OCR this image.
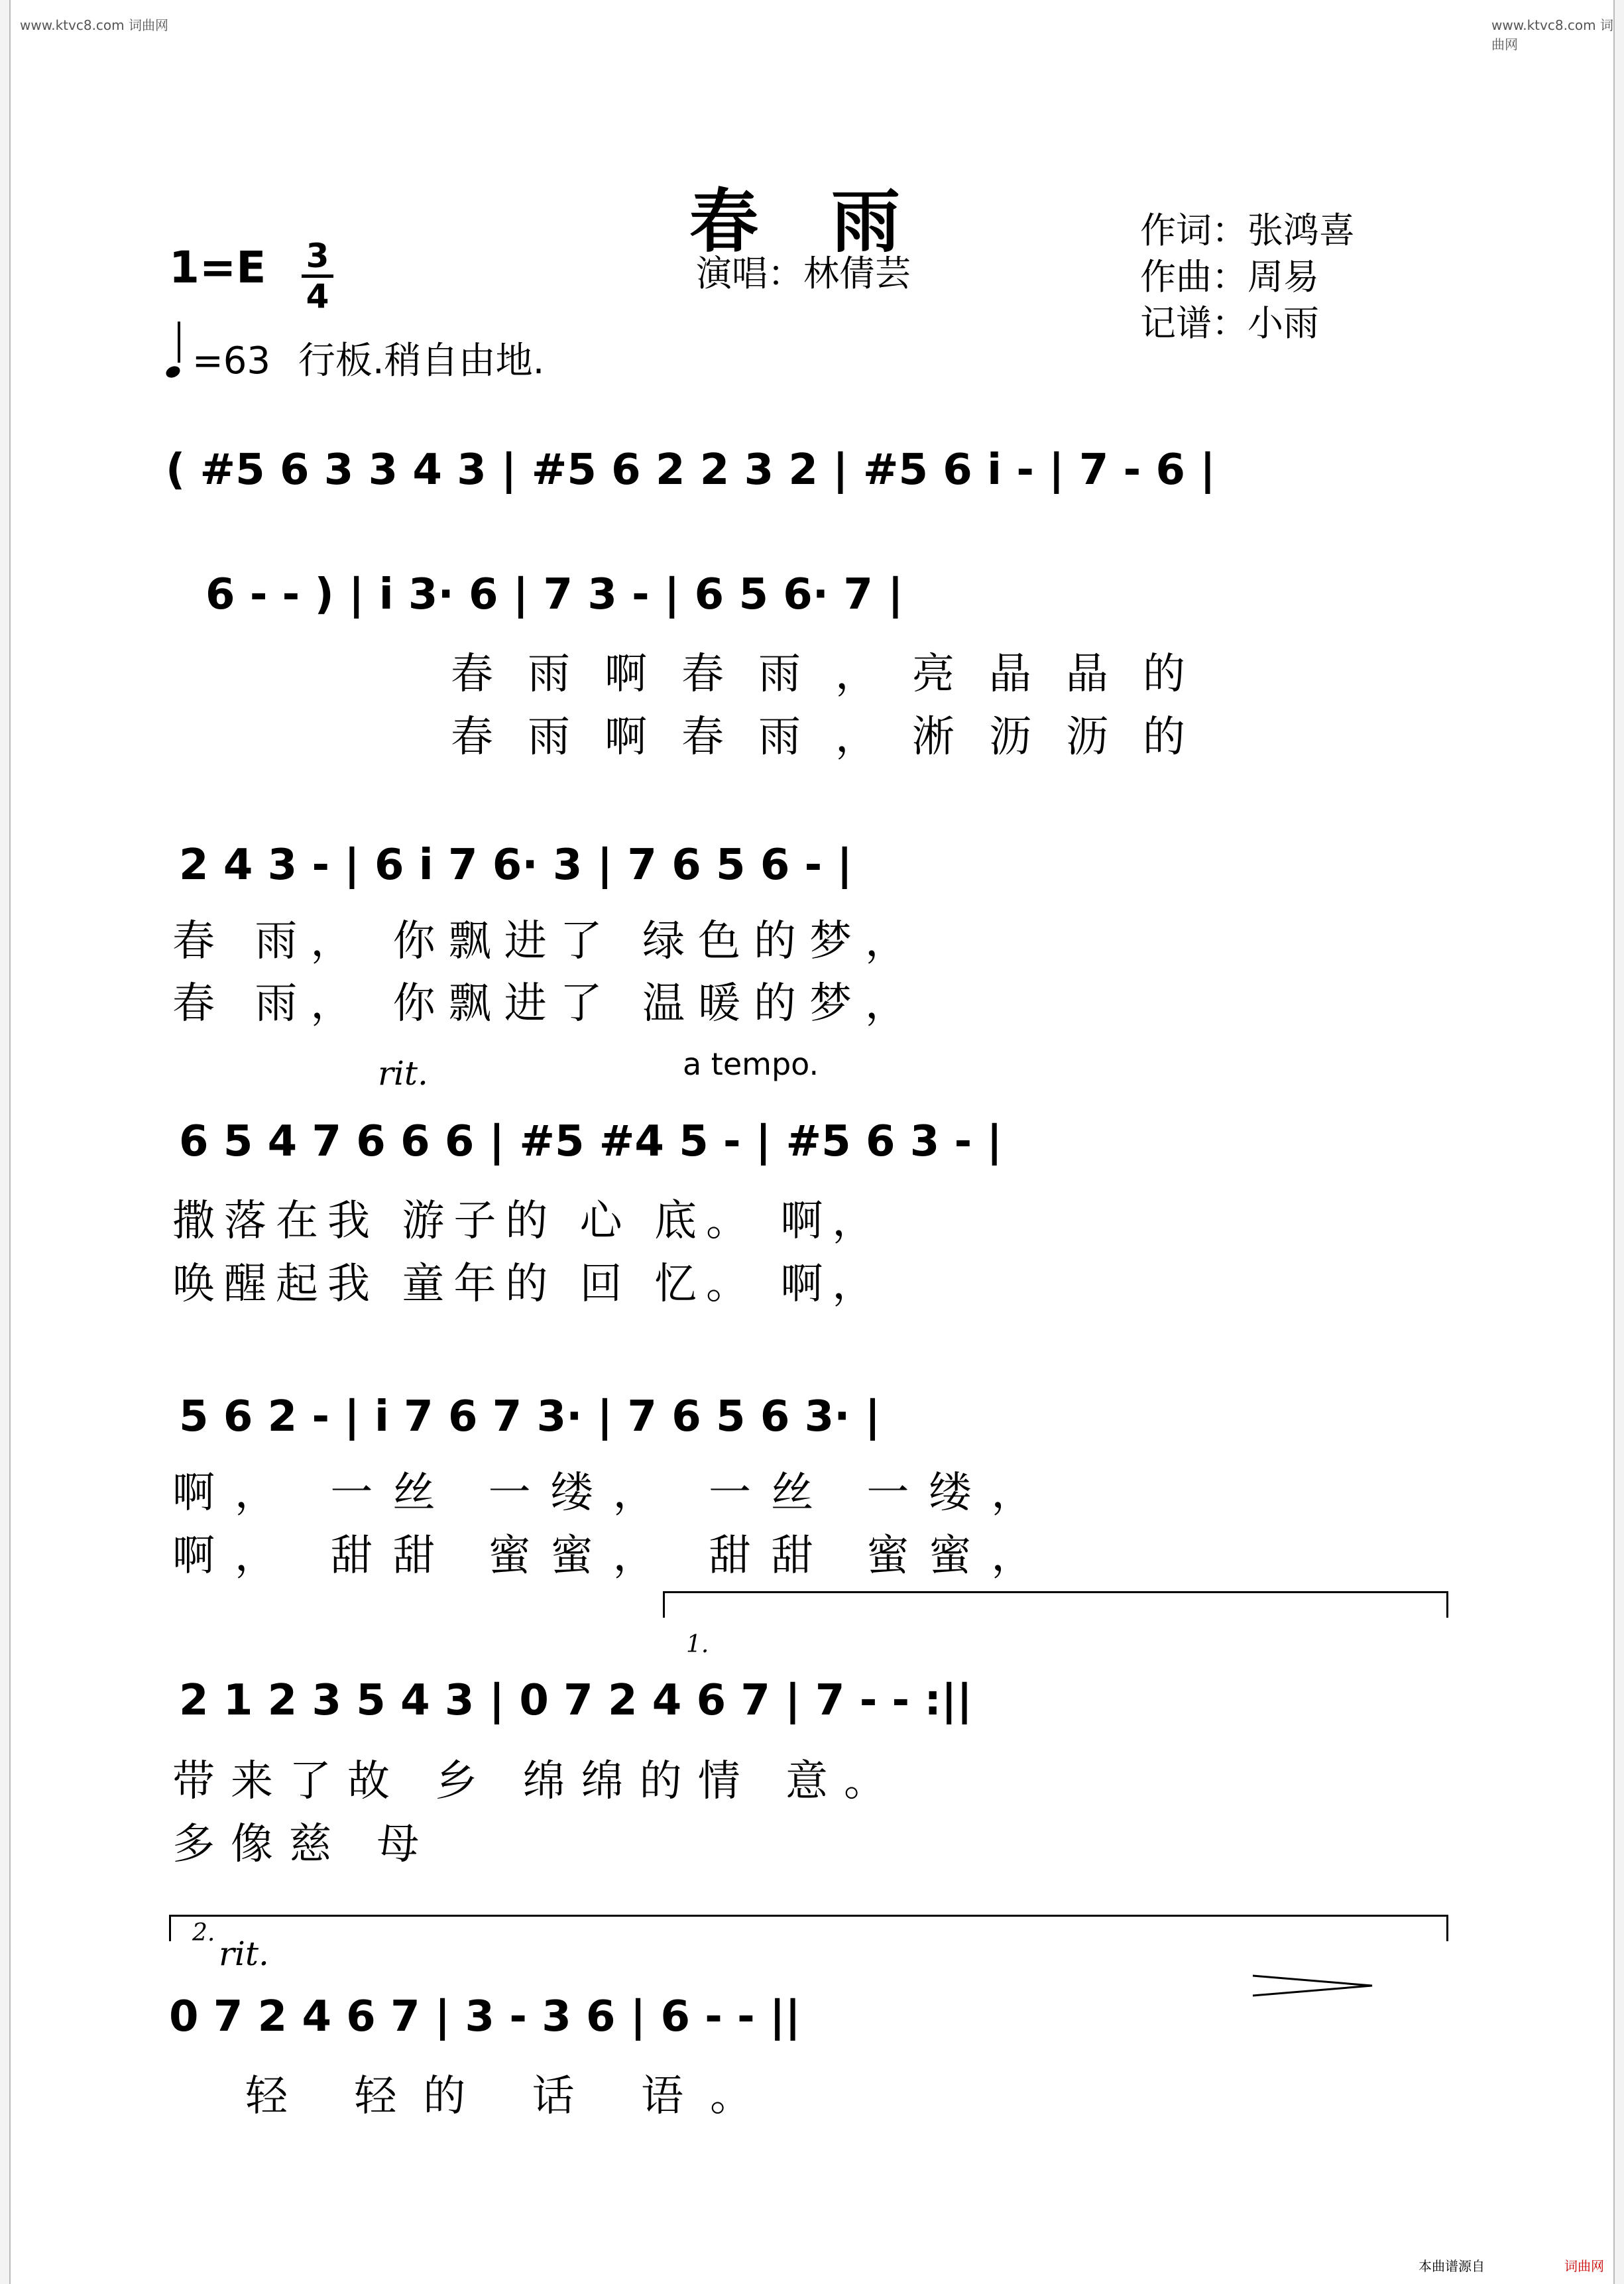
www.ktvc8.com 词曲网	www.ktvc8.com 词曲网
春雨
演唱：林倩芸
作词：张鸿喜
作曲：周易
记谱：小雨
1=E 3
4
=63 行板.稍自由地.
( #5 6 3 3 4 3 | #5 6 2 2 3 2 | #5 6 i - | 7 - 6 |
6 - - ) | i 3· 6 | 7 3 - | 6 5 6· 7 |
春雨啊春雨，亮晶晶的
春雨啊春雨，淅沥沥的
2 4 3 - | 6 i 7 6· 3 | 7 6 5 6 - |
春 雨， 你飘进了 绿色的梦，
春 雨， 你飘进了 温暖的梦，
rit.	a tempo.
6 5 4 7 6 6 6 | #5 #4 5 - | #5 6 3 - |
撒落在我 游子的 心 底。 啊，
唤醒起我 童年的 回 忆。 啊，
5 6 2 - | i 7 6 7 3· | 7 6 5 6 3· |
啊， 一丝 一缕， 一丝 一缕，
啊， 甜甜 蜜蜜， 甜甜 蜜蜜，
1.
2 1 2 3 5 4 3 | 0 7 2 4 6 7 | 7 - - :||
带来了故 乡 绵绵的情 意。
多像慈 母
2.
rit.
0 7 2 4 6 7 | 3 - 3 6 | 6 - - ||
轻 轻的 话 语。
本曲谱源自	词曲网
